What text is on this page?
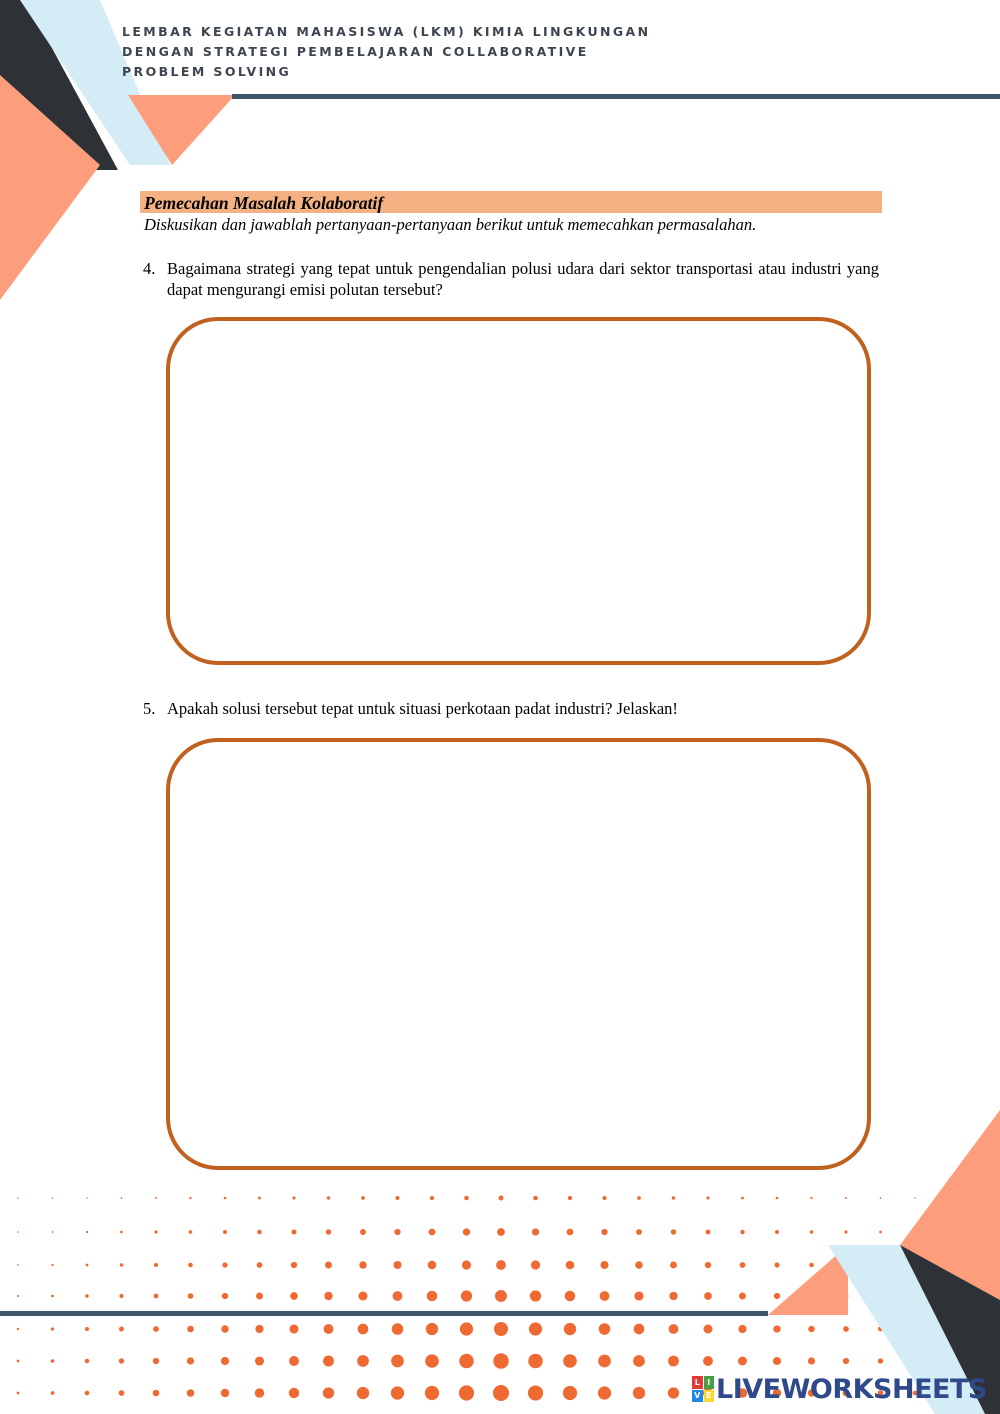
LEMBAR KEGIATAN MAHASISWA (LKM) KIMIA LINGKUNGAN
DENGAN STRATEGI PEMBELAJARAN COLLABORATIVE
PROBLEM SOLVING
Pemecahan Masalah Kolaboratif
Diskusikan dan jawablah pertanyaan-pertanyaan berikut untuk memecahkan permasalahan.
4. Bagaimana strategi yang tepat untuk pengendalian polusi udara dari sektor transportasi atau industri yang dapat mengurangi emisi polutan tersebut?
5. Apakah solusi tersebut tepat untuk situasi perkotaan padat industri? Jelaskan!
L I
V E LIVEWORKSHEETS
